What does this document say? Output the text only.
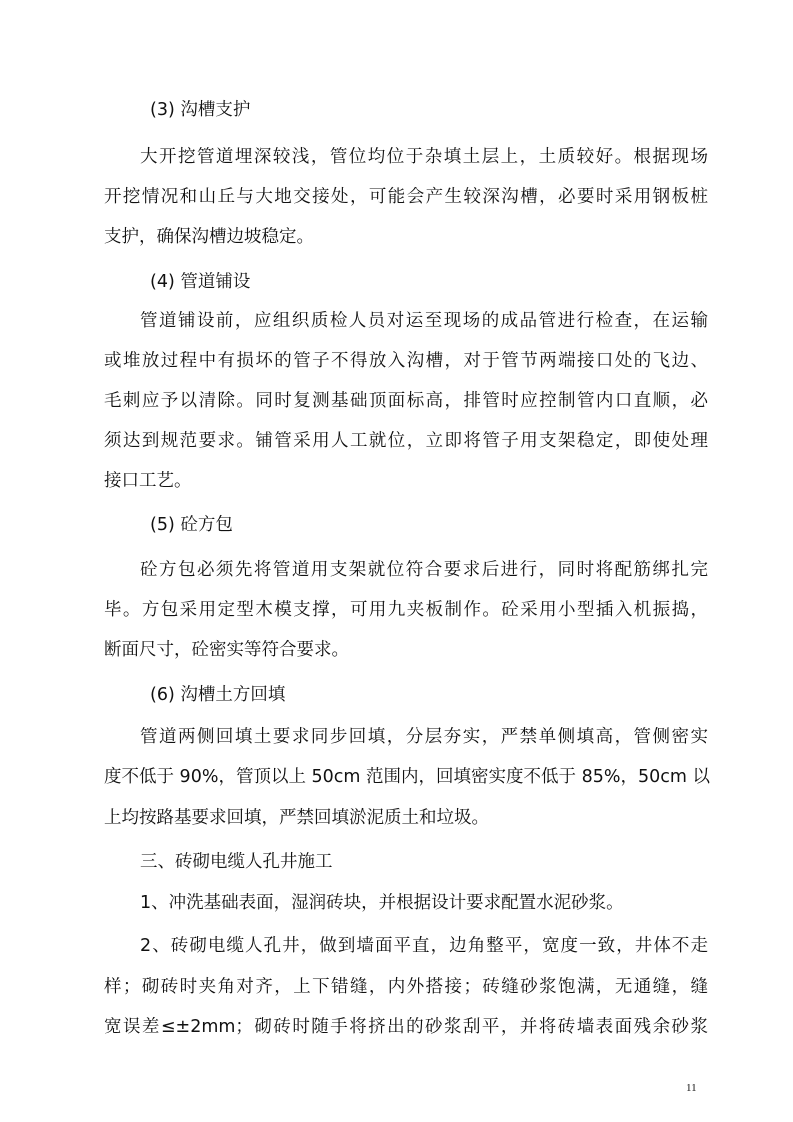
(3) 沟槽支护
大开挖管道埋深较浅，管位均位于杂填土层上，土质较好。根据现场
开挖情况和山丘与大地交接处，可能会产生较深沟槽，必要时采用钢板桩
支护，确保沟槽边坡稳定。
(4) 管道铺设
管道铺设前，应组织质检人员对运至现场的成品管进行检查，在运输
或堆放过程中有损坏的管子不得放入沟槽，对于管节两端接口处的飞边、
毛刺应予以清除。同时复测基础顶面标高，排管时应控制管内口直顺，必
须达到规范要求。铺管采用人工就位，立即将管子用支架稳定，即使处理
接口工艺。
(5) 砼方包
砼方包必须先将管道用支架就位符合要求后进行，同时将配筋绑扎完
毕。方包采用定型木模支撑，可用九夹板制作。砼采用小型插入机振捣，
断面尺寸，砼密实等符合要求。
(6) 沟槽土方回填
管道两侧回填土要求同步回填，分层夯实，严禁单侧填高，管侧密实
度不低于 90%，管顶以上 50cm 范围内，回填密实度不低于 85%，50cm 以
上均按路基要求回填，严禁回填淤泥质土和垃圾。
三、砖砌电缆人孔井施工
1、冲洗基础表面，湿润砖块，并根据设计要求配置水泥砂浆。
2、砖砌电缆人孔井，做到墙面平直，边角整平，宽度一致，井体不走
样；砌砖时夹角对齐，上下错缝，内外搭接；砖缝砂浆饱满，无通缝，缝
宽误差≤±2mm；砌砖时随手将挤出的砂浆刮平，并将砖墙表面残余砂浆
11
